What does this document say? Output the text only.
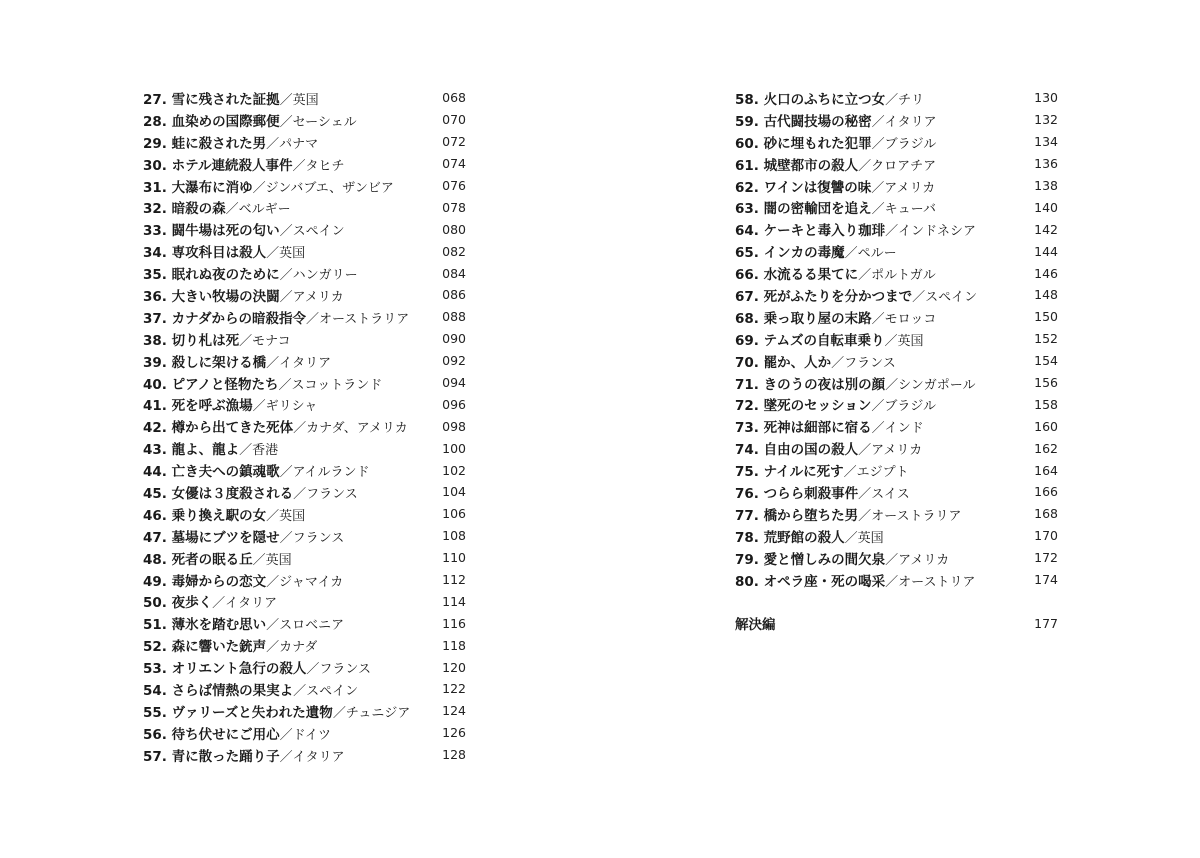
27. 雪に残された証拠 ／英国	068
28. 血染めの国際郵便 ／セーシェル	070
29. 蛙に殺された男 ／パナマ	072
30. ホテル連続殺人事件 ／タヒチ	074
31. 大瀑布に消ゆ ／ジンバブエ、ザンビア	076
32. 暗殺の森 ／ベルギー	078
33. 闘牛場は死の匂い ／スペイン	080
34. 専攻科目は殺人 ／英国	082
35. 眠れぬ夜のために ／ハンガリー	084
36. 大きい牧場の決闘 ／アメリカ	086
37. カナダからの暗殺指令 ／オーストラリア	088
38. 切り札は死 ／モナコ	090
39. 殺しに架ける橋 ／イタリア	092
40. ピアノと怪物たち ／スコットランド	094
41. 死を呼ぶ漁場 ／ギリシャ	096
42. 樽から出てきた死体 ／カナダ、アメリカ	098
43. 龍よ、龍よ ／香港	100
44. 亡き夫への鎮魂歌 ／アイルランド	102
45. 女優は３度殺される ／フランス	104
46. 乗り換え駅の女 ／英国	106
47. 墓場にブツを隠せ ／フランス	108
48. 死者の眠る丘 ／英国	110
49. 毒婦からの恋文 ／ジャマイカ	112
50. 夜歩く ／イタリア	114
51. 薄氷を踏む思い ／スロベニア	116
52. 森に響いた銃声 ／カナダ	118
53. オリエント急行の殺人 ／フランス	120
54. さらば情熱の果実よ ／スペイン	122
55. ヴァリーズと失われた遺物 ／チュニジア	124
56. 待ち伏せにご用心 ／ドイツ	126
57. 青に散った踊り子 ／イタリア	128
58. 火口のふちに立つ女 ／チリ	130
59. 古代闘技場の秘密 ／イタリア	132
60. 砂に埋もれた犯罪 ／ブラジル	134
61. 城壁都市の殺人 ／クロアチア	136
62. ワインは復讐の味 ／アメリカ	138
63. 闇の密輸団を追え ／キューバ	140
64. ケーキと毒入り珈琲 ／インドネシア	142
65. インカの毒魔 ／ペルー	144
66. 水流るる果てに ／ポルトガル	146
67. 死がふたりを分かつまで ／スペイン	148
68. 乗っ取り屋の末路 ／モロッコ	150
69. テムズの自転車乗り ／英国	152
70. 罷か、人か ／フランス	154
71. きのうの夜は別の顔 ／シンガポール	156
72. 墜死のセッション ／ブラジル	158
73. 死神は細部に宿る ／インド	160
74. 自由の国の殺人 ／アメリカ	162
75. ナイルに死す ／エジプト	164
76. つらら刺殺事件 ／スイス	166
77. 橋から堕ちた男 ／オーストラリア	168
78. 荒野館の殺人 ／英国	170
79. 愛と憎しみの間欠泉 ／アメリカ	172
80. オペラ座・死の喝采 ／オーストリア	174
解決編	177
